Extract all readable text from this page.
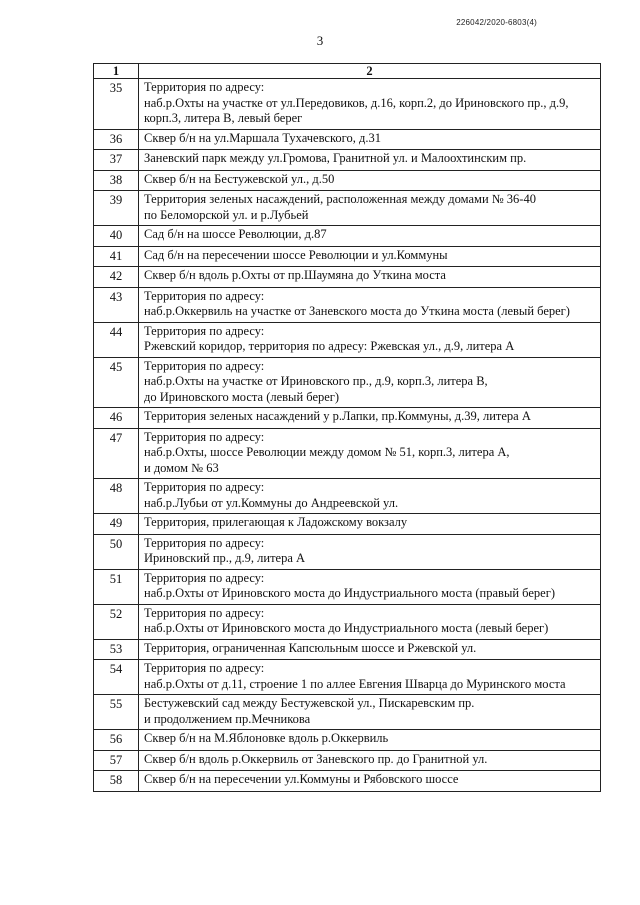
226042/2020-6803(4)
3
1	2
35	Территория по адресу:
наб.р.Охты на участке от ул.Передовиков, д.16, корп.2, до Ириновского пр., д.9,
корп.3, литера В, левый берег
36	Сквер б/н на ул.Маршала Тухачевского, д.31
37	Заневский парк между ул.Громова, Гранитной ул. и Малоохтинским пр.
38	Сквер б/н на Бестужевской ул., д.50
39	Территория зеленых насаждений, расположенная между домами № 36-40
по Беломорской ул. и р.Лубьей
40	Сад б/н на шоссе Революции, д.87
41	Сад б/н на пересечении шоссе Революции и ул.Коммуны
42	Сквер б/н вдоль р.Охты от пр.Шаумяна до Уткина моста
43	Территория по адресу:
наб.р.Оккервиль на участке от Заневского моста до Уткина моста (левый берег)
44	Территория по адресу:
Ржевский коридор, территория по адресу: Ржевская ул., д.9, литера А
45	Территория по адресу:
наб.р.Охты на участке от Ириновского пр., д.9, корп.3, литера В,
до Ириновского моста (левый берег)
46	Территория зеленых насаждений у р.Лапки, пр.Коммуны, д.39, литера А
47	Территория по адресу:
наб.р.Охты, шоссе Революции между домом № 51, корп.3, литера А,
и домом № 63
48	Территория по адресу:
наб.р.Лубьи от ул.Коммуны до Андреевской ул.
49	Территория, прилегающая к Ладожскому вокзалу
50	Территория по адресу:
Ириновский пр., д.9, литера А
51	Территория по адресу:
наб.р.Охты от Ириновского моста до Индустриального моста (правый берег)
52	Территория по адресу:
наб.р.Охты от Ириновского моста до Индустриального моста (левый берег)
53	Территория, ограниченная Капсюльным шоссе и Ржевской ул.
54	Территория по адресу:
наб.р.Охты от д.11, строение 1 по аллее Евгения Шварца до Муринского моста
55	Бестужевский сад между Бестужевской ул., Пискаревским пр.
и продолжением пр.Мечникова
56	Сквер б/н на М.Яблоновке вдоль р.Оккервиль
57	Сквер б/н вдоль р.Оккервиль от Заневского пр. до Гранитной ул.
58	Сквер б/н на пересечении ул.Коммуны и Рябовского шоссе
